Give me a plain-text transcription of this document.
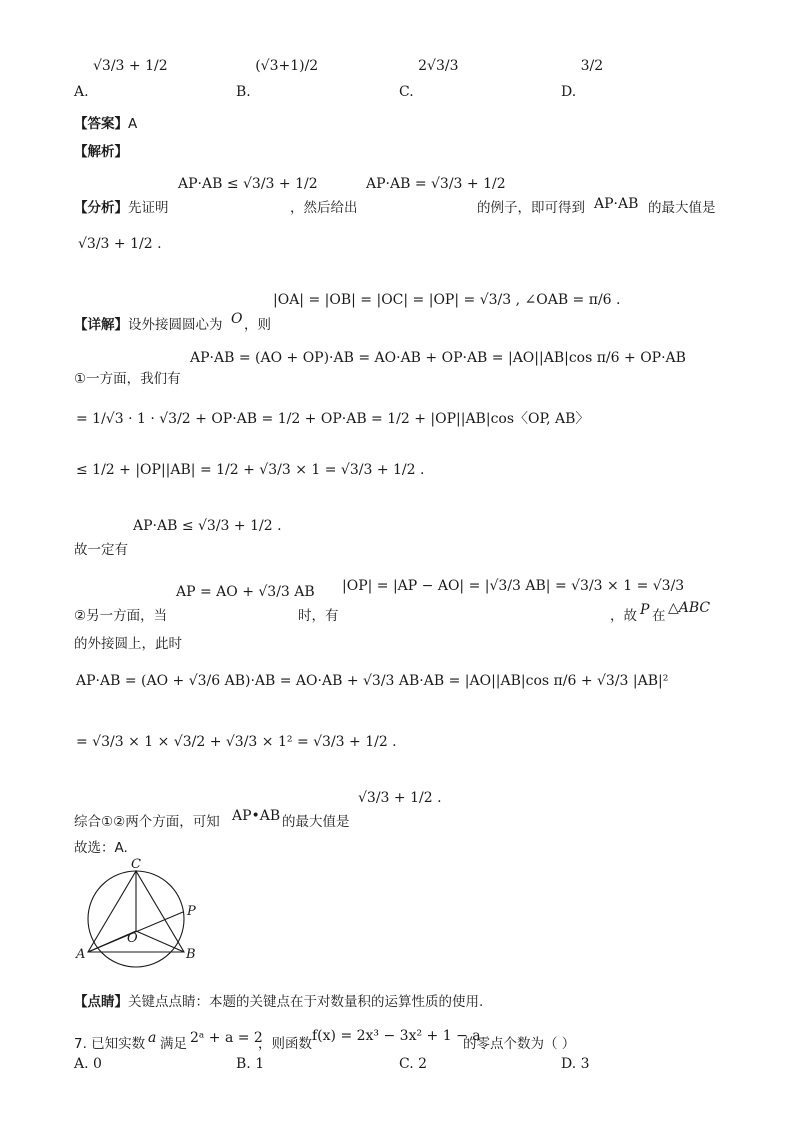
A. √3/3 + 1/2
B. (√3+1)/2
C. 2√3/3
D. 3/2
【答案】A
【解析】
【分析】先证明
AP·AB ≤ √3/3 + 1/2
，然后给出
AP·AB = √3/3 + 1/2
的例子，即可得到 AP·AB 的最大值是
√3/3 + 1/2 .
【详解】设外接圆圆心为 O ，则
|OA| = |OB| = |OC| = |OP| = √3/3 , ∠OAB = π/6 .
AP·AB = (AO + OP)·AB = AO·AB + OP·AB = |AO||AB|cos π/6 + OP·AB
①一方面，我们有
= 1/√3 · 1 · √3/2 + OP·AB = 1/2 + OP·AB = 1/2 + |OP||AB|cos〈OP, AB〉
≤ 1/2 + |OP||AB| = 1/2 + √3/3 × 1 = √3/3 + 1/2 .
AP·AB ≤ √3/3 + 1/2 .
故一定有
②另一方面，当
AP = AO + √3/3 AB
时，有
|OP| = |AP − AO| = |√3/3 AB| = √3/3 × 1 = √3/3
，故 P 在 △ABC
的外接圆上，此时
AP·AB = (AO + √3/6 AB)·AB = AO·AB + √3/3 AB·AB = |AO||AB|cos π/6 + √3/3 |AB|²
= √3/3 × 1 × √3/2 + √3/3 × 1² = √3/3 + 1/2 .
综合①②两个方面，可知 AP•AB 的最大值是
√3/3 + 1/2 .
故选：A.
C
P
O
A	B
【点睛】关键点点睛：本题的关键点在于对数量积的运算性质的使用.
7. 已知实数 a 满足 2ᵃ + a = 2
，则函数 f(x) = 2x³ − 3x² + 1 − a
的零点个数为（ ）
A. 0	B. 1	C. 2	D. 3
